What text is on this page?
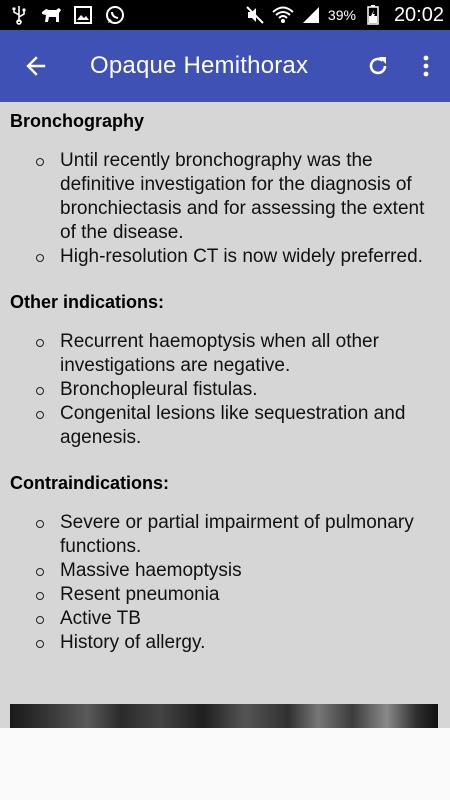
39% 20:02
Opaque Hemithorax
Bronchography
Until recently bronchography was the definitive investigation for the diagnosis of bronchiectasis and for assessing the extent of the disease.
High-resolution CT is now widely preferred.
Other indications:
Recurrent haemoptysis when all other investigations are negative.
Bronchopleural fistulas.
Congenital lesions like sequestration and agenesis.
Contraindications:
Severe or partial impairment of pulmonary functions.
Massive haemoptysis
Resent pneumonia
Active TB
History of allergy.
